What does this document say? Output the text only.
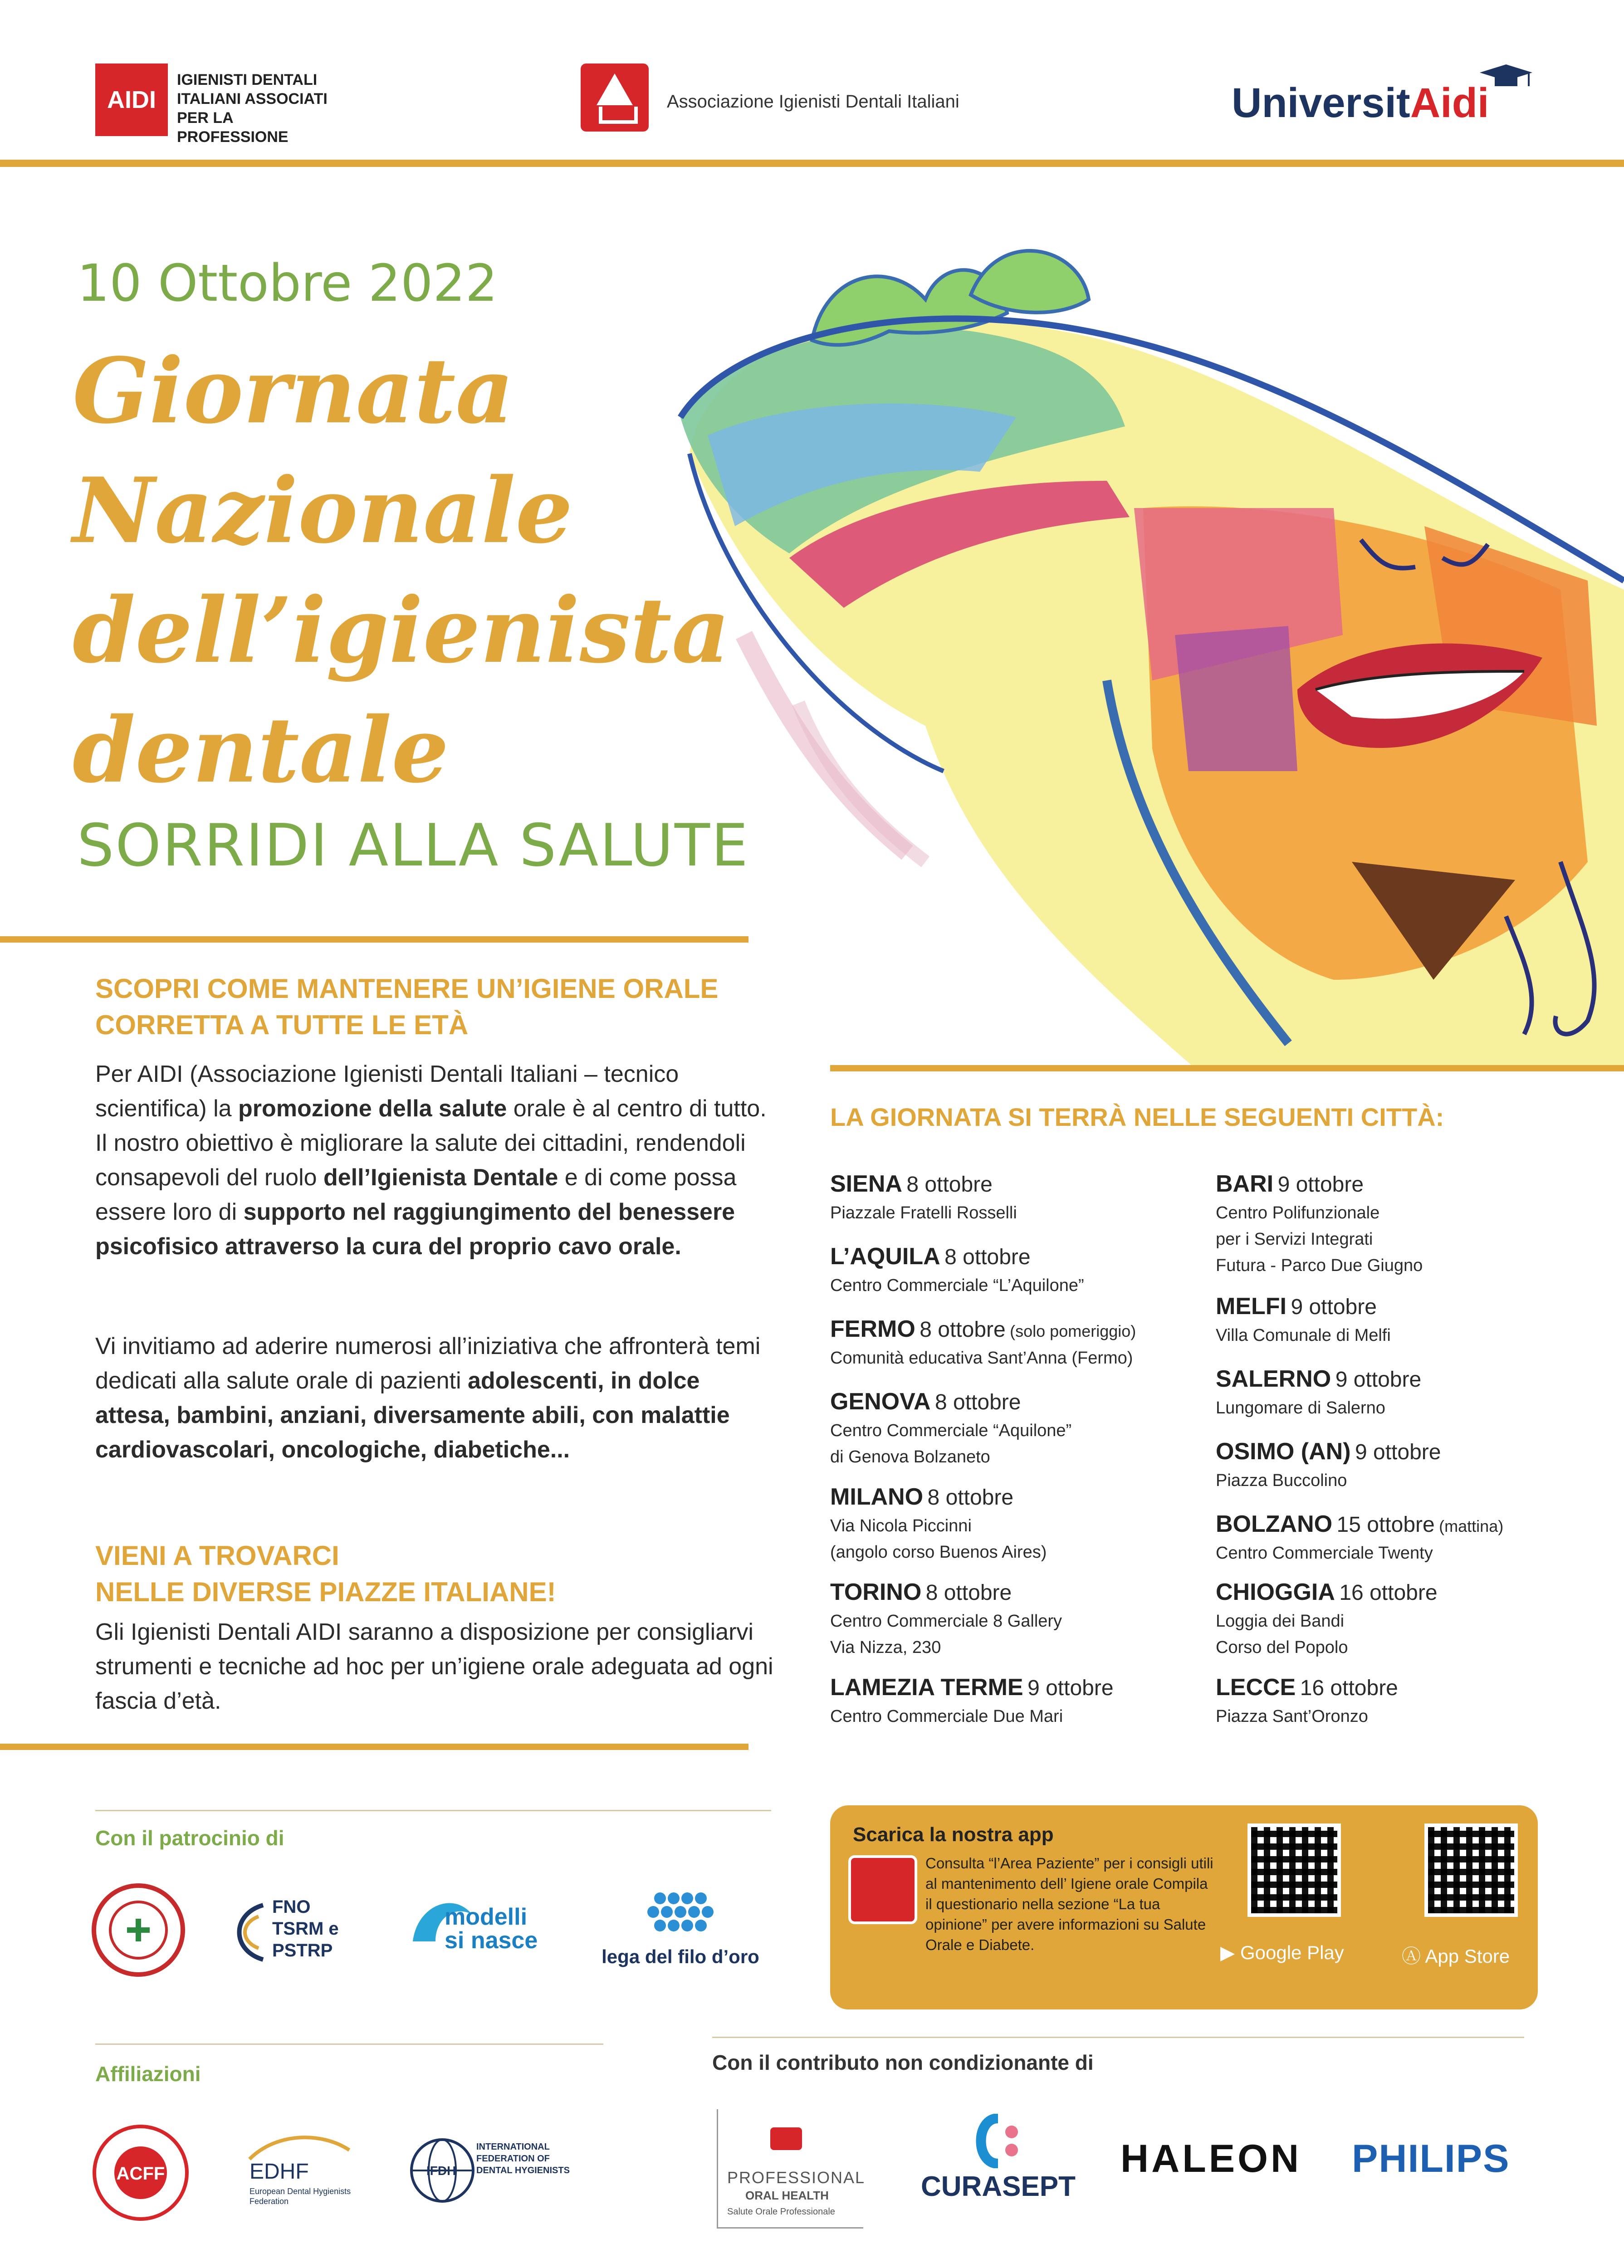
AIDI
IGIENISTI DENTALI ITALIANI ASSOCIATI PER LA PROFESSIONE
Associazione Igienisti Dentali Italiani	UniversitAidi
10 Ottobre 2022
Giornata
Nazionale
dell’igienista
dentale
SORRIDI ALLA SALUTE
SCOPRI COME MANTENERE UN’IGIENE ORALE CORRETTA A TUTTE LE ETÀ
Per AIDI (Associazione Igienisti Dentali Italiani – tecnico scientifica) la promozione della salute orale è al centro di tutto. Il nostro obiettivo è migliorare la salute dei cittadini, rendendoli consapevoli del ruolo dell’Igienista Dentale e di come possa essere loro di supporto nel raggiungimento del benessere psicofisico attraverso la cura del proprio cavo orale.
Vi invitiamo ad aderire numerosi all’iniziativa che affronterà temi dedicati alla salute orale di pazienti adolescenti, in dolce attesa, bambini, anziani, diversamente abili, con malattie cardiovascolari, oncologiche, diabetiche...
VIENI A TROVARCI
NELLE DIVERSE PIAZZE ITALIANE!
Gli Igienisti Dentali AIDI saranno a disposizione per consigliarvi strumenti e tecniche ad hoc per un’igiene orale adeguata ad ogni fascia d’età.
LA GIORNATA SI TERRÀ NELLE SEGUENTI CITTÀ:
SIENA 8 ottobre
Piazzale Fratelli Rosselli
L’AQUILA 8 ottobre
Centro Commerciale “L’Aquilone”
FERMO 8 ottobre (solo pomeriggio)
Comunità educativa Sant’Anna (Fermo)
GENOVA 8 ottobre
Centro Commerciale “Aquilone”
di Genova Bolzaneto
MILANO 8 ottobre
Via Nicola Piccinni
(angolo corso Buenos Aires)
TORINO 8 ottobre
Centro Commerciale 8 Gallery
Via Nizza, 230
LAMEZIA TERME 9 ottobre
Centro Commerciale Due Mari
BARI 9 ottobre
Centro Polifunzionale
per i Servizi Integrati
Futura - Parco Due Giugno
MELFI 9 ottobre
Villa Comunale di Melfi
SALERNO 9 ottobre
Lungomare di Salerno
OSIMO (AN) 9 ottobre
Piazza Buccolino
BOLZANO 15 ottobre (mattina)
Centro Commerciale Twenty
CHIOGGIA 16 ottobre
Loggia dei Bandi
Corso del Popolo
LECCE 16 ottobre
Piazza Sant’Oronzo
Con il patrocinio di
FNO
TSRM e
PSTRP
modelli
si nasce
lega del filo d’oro
Scarica la nostra app
Consulta “l’Area Paziente” per i consigli utili al mantenimento dell’ Igiene orale Compila il questionario nella sezione “La tua opinione” per avere informazioni su Salute Orale e Diabete.	▶ Google Play	Ⓐ App Store
Affiliazioni
ACFF	EDHF
European Dental Hygienists Federation
IFDH
INTERNATIONAL FEDERATION OF DENTAL HYGIENISTS
Con il contributo non condizionante di
PROFESSIONAL
ORAL HEALTH
Salute Orale Professionale
CURASEPT
HALEON PHILIPS
